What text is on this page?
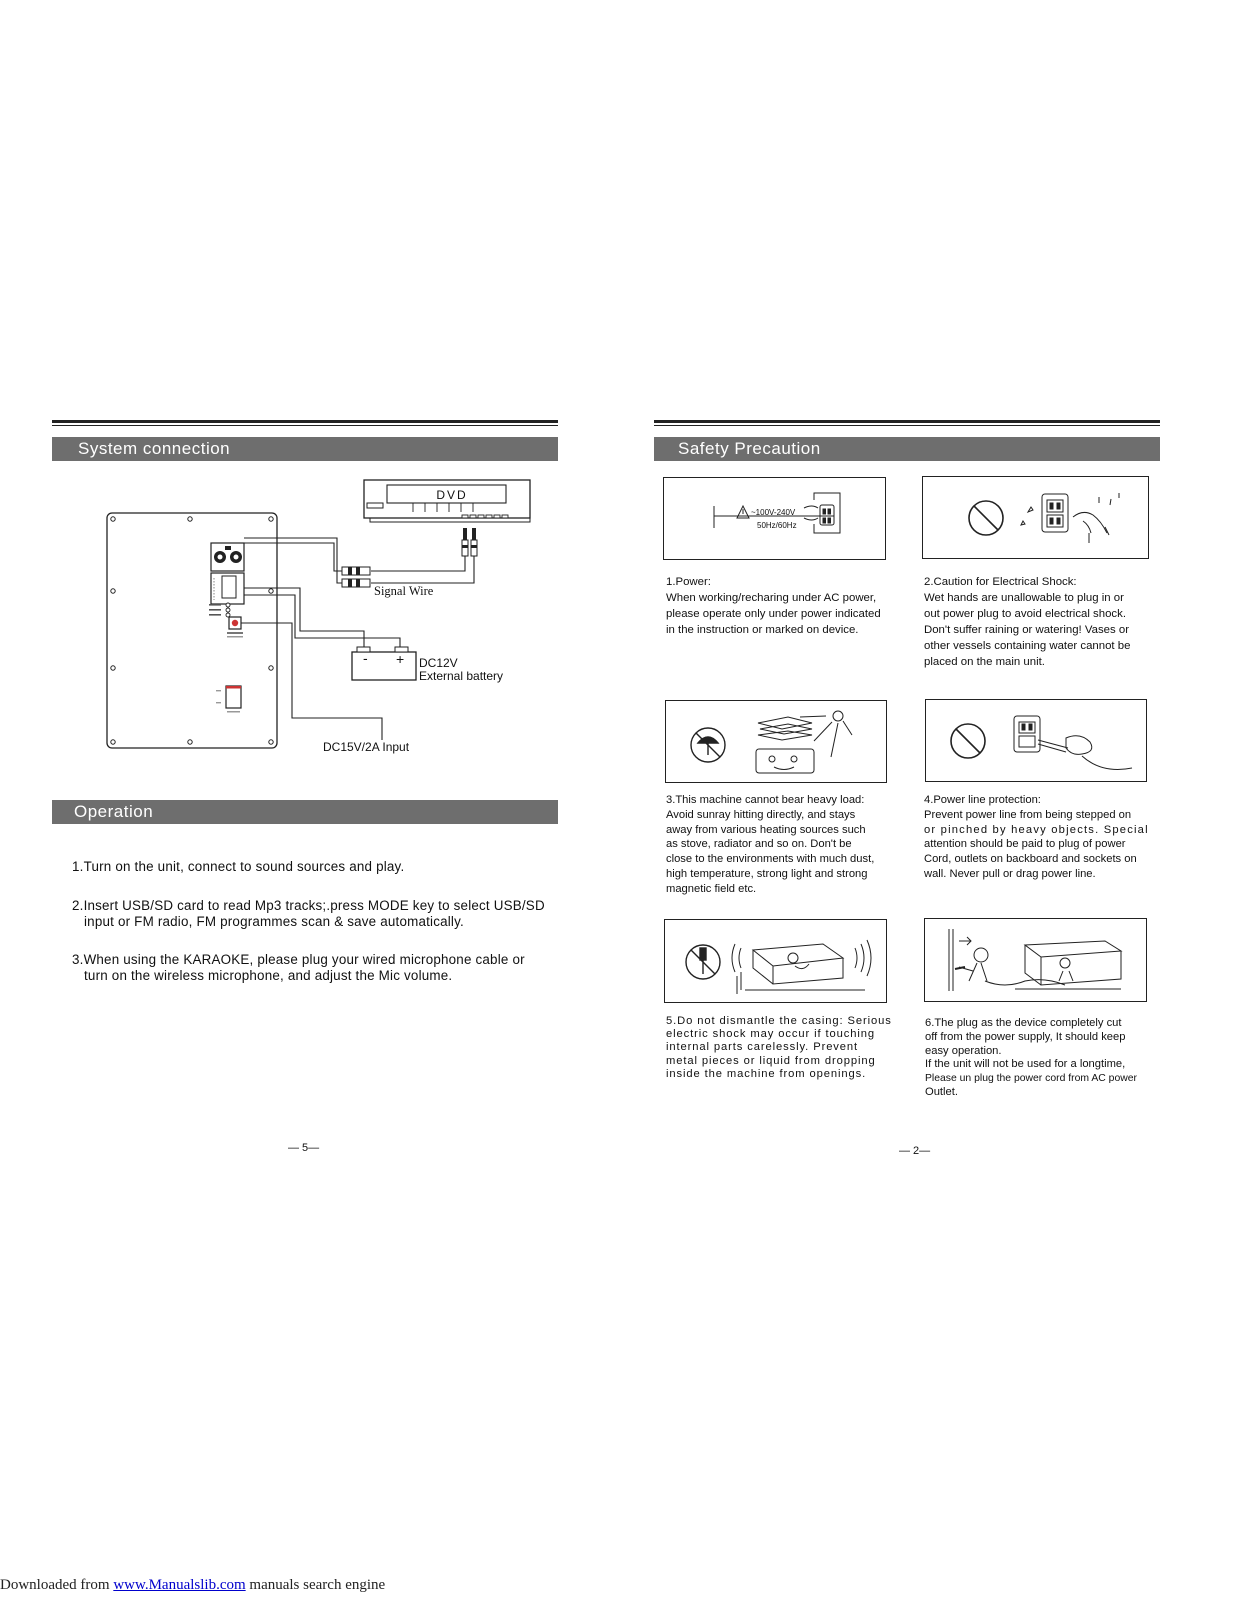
System connection
DVD
Signal Wire
- + DC12V
External battery
DC15V/2A Input
Operation
1.Turn on the unit, connect to sound sources and play.
2.Insert USB/SD card to read Mp3 tracks;.press MODE key to select USB/SD
input or FM radio, FM programmes scan & save automatically.
3.When using the KARAOKE, please plug your wired microphone cable or
turn on the wireless microphone, and adjust the Mic volume.
— 5—
Safety Precaution
~100V-240V
50Hz/60Hz
1.Power:
When working/recharing under AC power,
please operate only under power indicated
in the instruction or marked on device.
2.Caution for Electrical Shock:
Wet hands are unallowable to plug in or
out power plug to avoid electrical shock.
Don't suffer raining or watering! Vases or
other vessels containing water cannot be
placed on the main unit.
3.This machine cannot bear heavy load:
Avoid sunray hitting directly, and stays
away from various heating sources such
as stove, radiator and so on. Don't be
close to the environments with much dust,
high temperature, strong light and strong
magnetic field etc.
4.Power line protection:
Prevent power line from being stepped on
or pinched by heavy objects. Special
attention should be paid to plug of power
Cord, outlets on backboard and sockets on
wall. Never pull or drag power line.
5.Do not dismantle the casing: Serious
electric shock may occur if touching
internal parts carelessly. Prevent
metal pieces or liquid from dropping
inside the machine from openings.
6.The plug as the device completely cut
off from the power supply, It should keep
easy operation.
If the unit will not be used for a longtime,
Please un plug the power cord from AC power
Outlet.
— 2—
Downloaded from www.Manualslib.com manuals search engine
